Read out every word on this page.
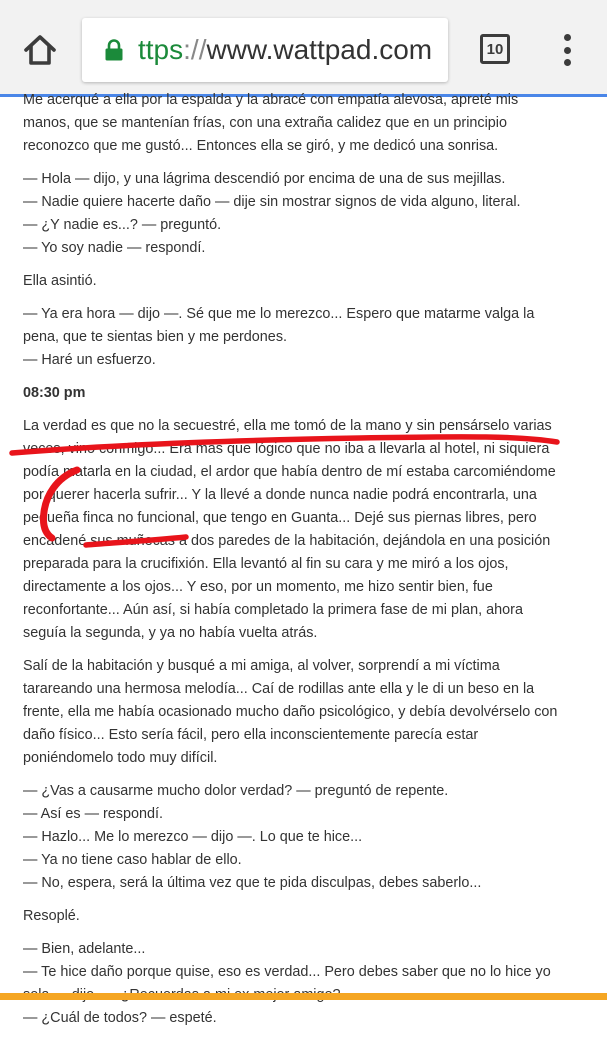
ttps://www.wattpad.com	10

Me acerqué a ella por la espalda y la abracé con empatía alevosa, apreté mis manos, que se mantenían frías, con una extraña calidez que en un principio reconozco que me gustó... Entonces ella se giró, y me dedicó una sonrisa.

— Hola — dijo, y una lágrima descendió por encima de una de sus mejillas.

— Nadie quiere hacerte daño — dije sin mostrar signos de vida alguno, literal.

— ¿Y nadie es...? — preguntó.

— Yo soy nadie — respondí.

Ella asintió.

— Ya era hora — dijo —. Sé que me lo merezco... Espero que matarme valga la pena, que te sientas bien y me perdones.

— Haré un esfuerzo.

08:30 pm

La verdad es que no la secuestré, ella me tomó de la mano y sin pensárselo varias veces, vino conmigo... Era más que lógico que no iba a llevarla al hotel, ni siquiera podía matarla en la ciudad, el ardor que había dentro de mí estaba carcomiéndome por querer hacerla sufrir... Y la llevé a donde nunca nadie podrá encontrarla, una pequeña finca no funcional, que tengo en Guanta... Dejé sus piernas libres, pero encadené sus muñecas a dos paredes de la habitación, dejándola en una posición preparada para la crucifixión. Ella levantó al fin su cara y me miró a los ojos, directamente a los ojos... Y eso, por un momento, me hizo sentir bien, fue reconfortante... Aún así, si había completado la primera fase de mi plan, ahora seguía la segunda, y ya no había vuelta atrás.

Salí de la habitación y busqué a mi amiga, al volver, sorprendí a mi víctima tarareando una hermosa melodía... Caí de rodillas ante ella y le di un beso en la frente, ella me había ocasionado mucho daño psicológico, y debía devolvérselo con daño físico... Esto sería fácil, pero ella inconscientemente parecía estar poniéndomelo todo muy difícil.

— ¿Vas a causarme mucho dolor verdad? — preguntó de repente.

— Así es — respondí.

— Hazlo... Me lo merezco — dijo —. Lo que te hice...

— Ya no tiene caso hablar de ello.

— No, espera, será la última vez que te pida disculpas, debes saberlo...

Resoplé.

— Bien, adelante...

— Te hice daño porque quise, eso es verdad... Pero debes saber que no lo hice yo

— ¿Cuál de todos? — espeté.
